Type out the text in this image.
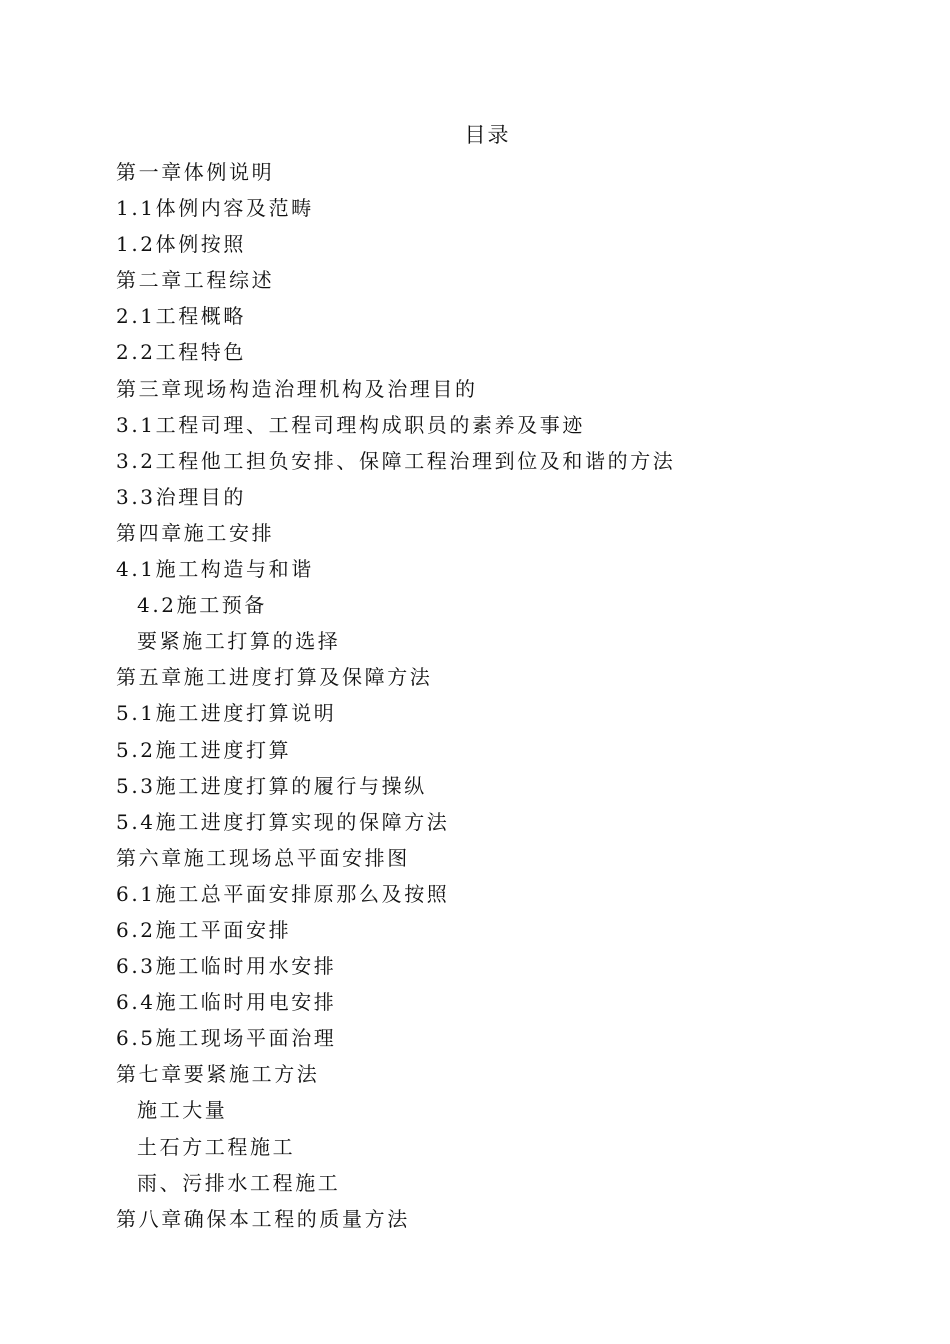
目录
第一章体例说明
1.1体例内容及范畴
1.2体例按照
第二章工程综述
2.1工程概略
2.2工程特色
第三章现场构造治理机构及治理目的
3.1工程司理、工程司理构成职员的素养及事迹
3.2工程他工担负安排、保障工程治理到位及和谐的方法
3.3治理目的
第四章施工安排
4.1施工构造与和谐
4.2施工预备
要紧施工打算的选择
第五章施工进度打算及保障方法
5.1施工进度打算说明
5.2施工进度打算
5.3施工进度打算的履行与操纵
5.4施工进度打算实现的保障方法
第六章施工现场总平面安排图
6.1施工总平面安排原那么及按照
6.2施工平面安排
6.3施工临时用水安排
6.4施工临时用电安排
6.5施工现场平面治理
第七章要紧施工方法
施工大量
土石方工程施工
雨、污排水工程施工
第八章确保本工程的质量方法
